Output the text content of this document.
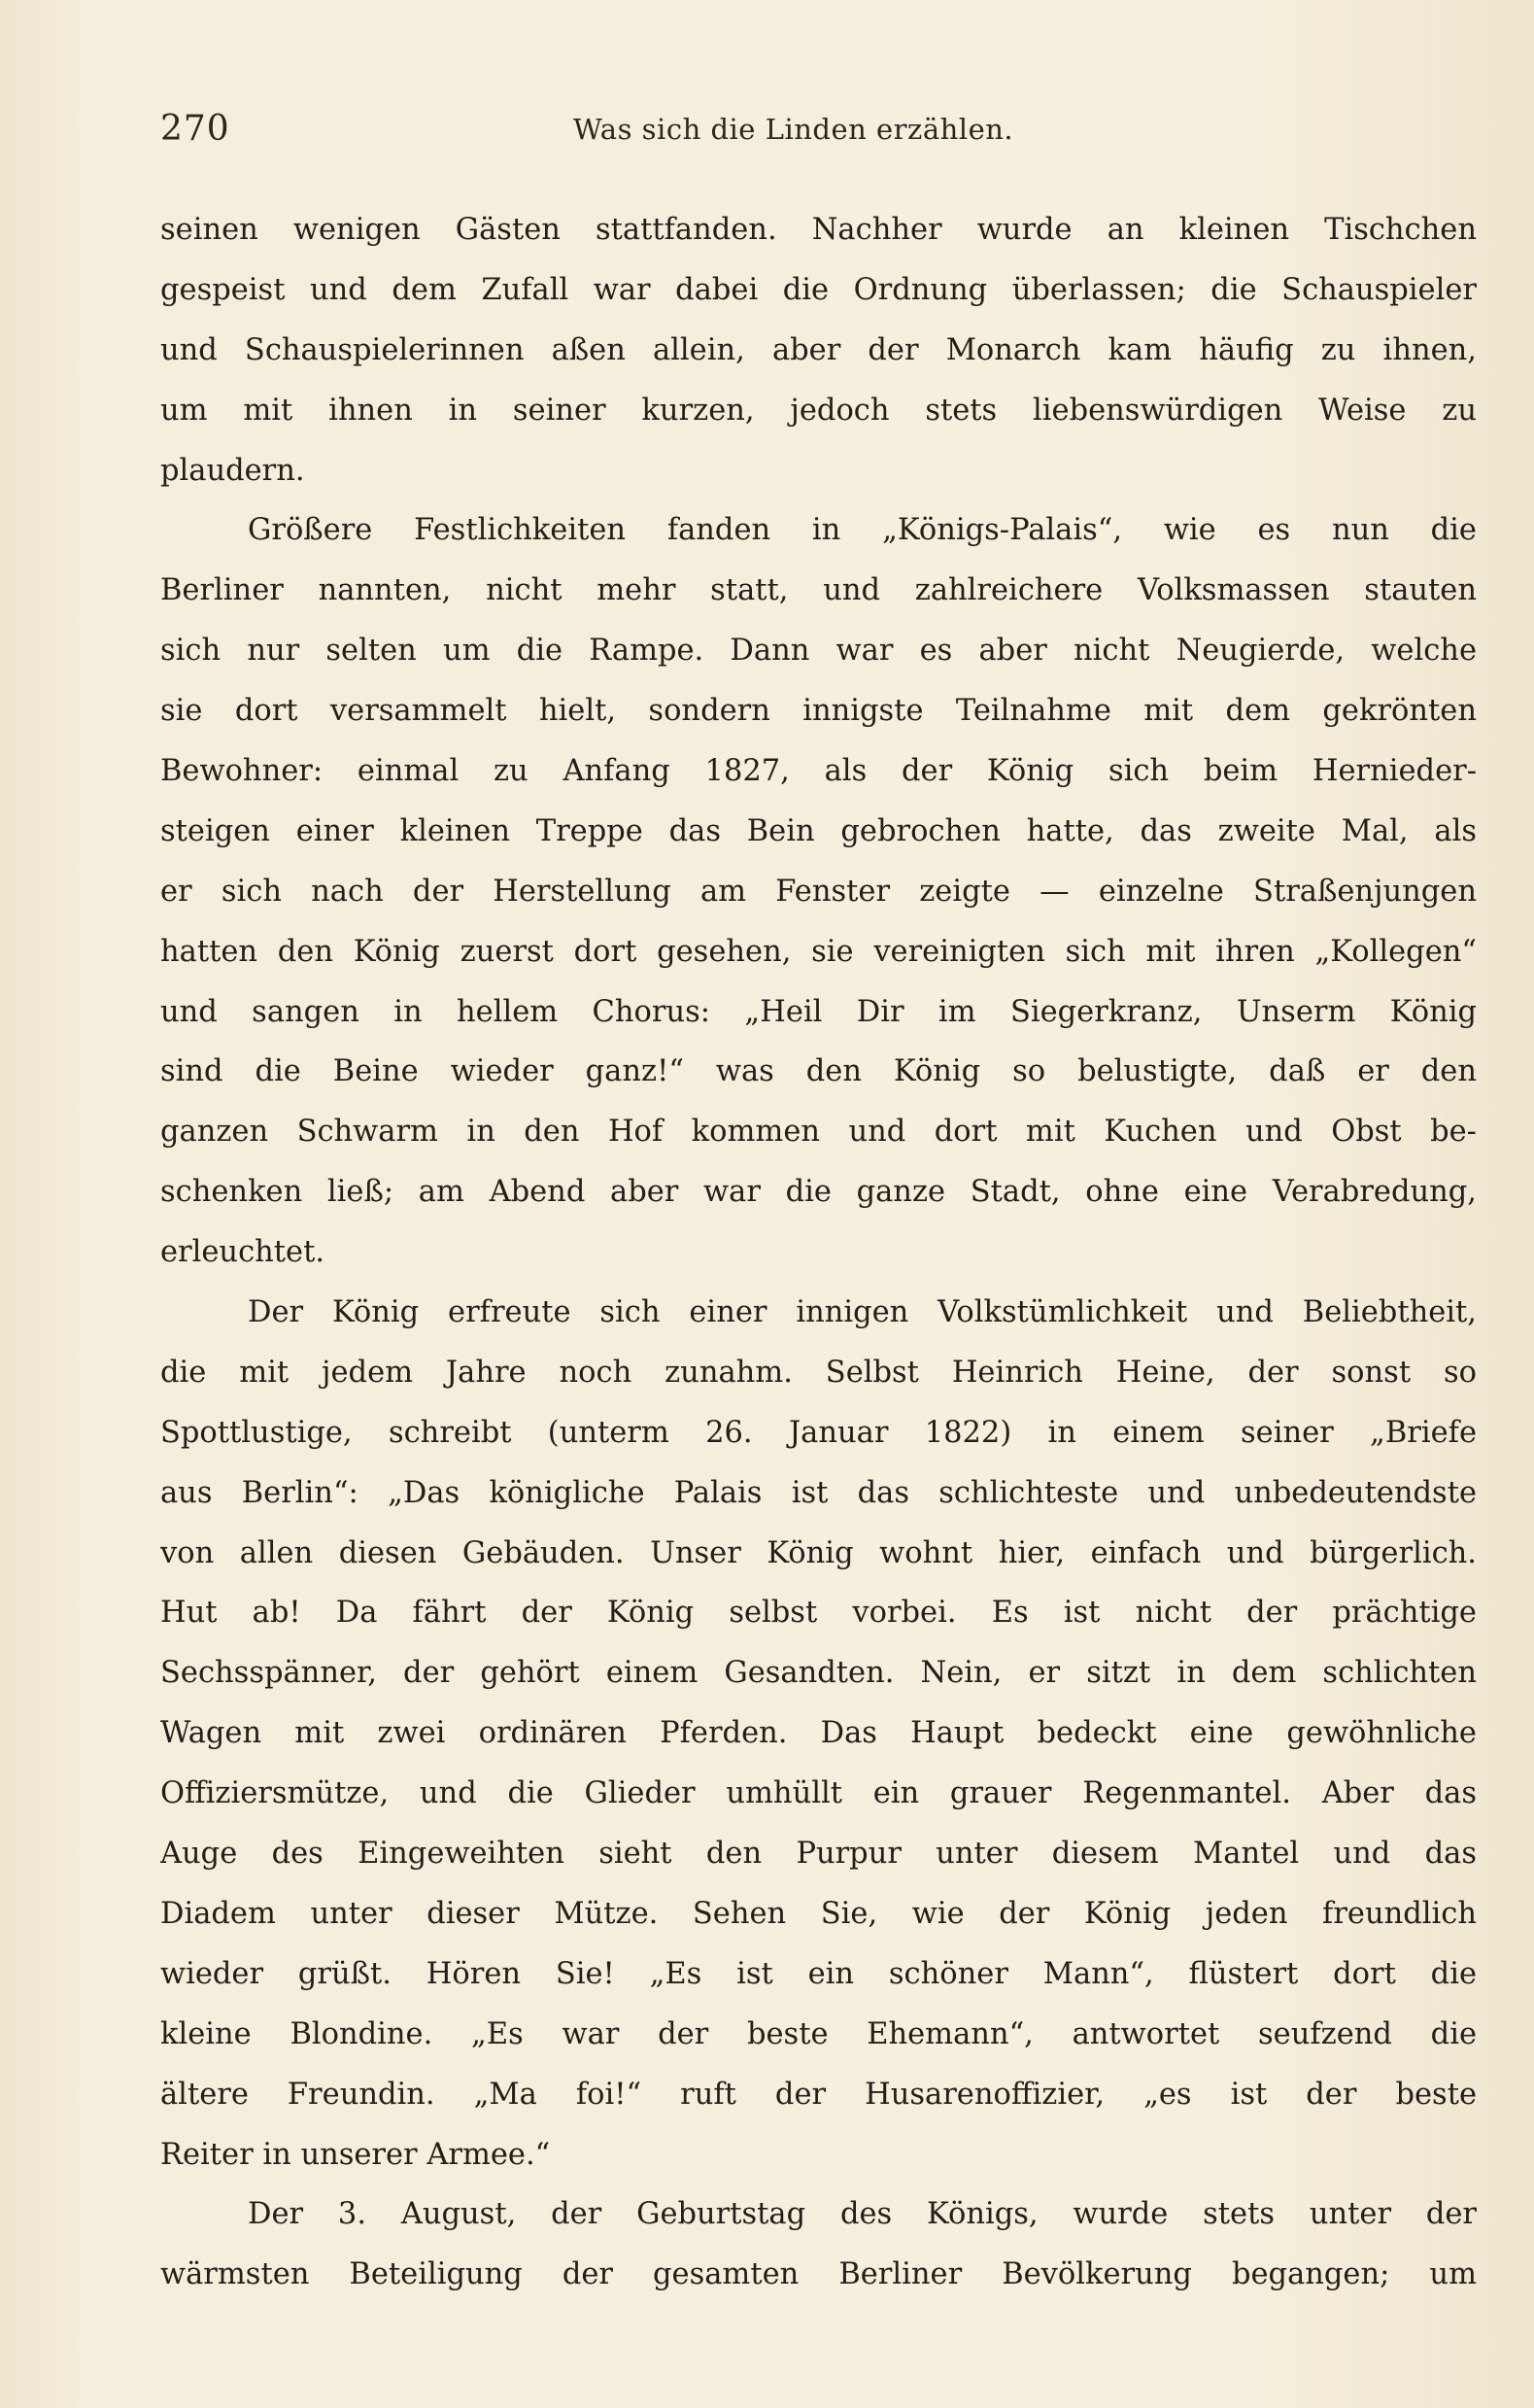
270	Was sich die Linden erzählen.
seinen wenigen Gästen stattfanden. Nachher wurde an kleinen Tischchen
gespeist und dem Zufall war dabei die Ordnung überlassen; die Schauspieler
und Schauspielerinnen aßen allein, aber der Monarch kam häufig zu ihnen,
um mit ihnen in seiner kurzen, jedoch stets liebenswürdigen Weise zu
plaudern.
Größere Festlichkeiten fanden in „Königs-Palais“, wie es nun die
Berliner nannten, nicht mehr statt, und zahlreichere Volksmassen stauten
sich nur selten um die Rampe. Dann war es aber nicht Neugierde, welche
sie dort versammelt hielt, sondern innigste Teilnahme mit dem gekrönten
Bewohner: einmal zu Anfang 1827, als der König sich beim Hernieder-
steigen einer kleinen Treppe das Bein gebrochen hatte, das zweite Mal, als
er sich nach der Herstellung am Fenster zeigte — einzelne Straßenjungen
hatten den König zuerst dort gesehen, sie vereinigten sich mit ihren „Kollegen“
und sangen in hellem Chorus: „Heil Dir im Siegerkranz, Unserm König
sind die Beine wieder ganz!“ was den König so belustigte, daß er den
ganzen Schwarm in den Hof kommen und dort mit Kuchen und Obst be-
schenken ließ; am Abend aber war die ganze Stadt, ohne eine Verabredung,
erleuchtet.
Der König erfreute sich einer innigen Volkstümlichkeit und Beliebtheit,
die mit jedem Jahre noch zunahm. Selbst Heinrich Heine, der sonst so
Spottlustige, schreibt (unterm 26. Januar 1822) in einem seiner „Briefe
aus Berlin“: „Das königliche Palais ist das schlichteste und unbedeutendste
von allen diesen Gebäuden. Unser König wohnt hier, einfach und bürgerlich.
Hut ab! Da fährt der König selbst vorbei. Es ist nicht der prächtige
Sechsspänner, der gehört einem Gesandten. Nein, er sitzt in dem schlichten
Wagen mit zwei ordinären Pferden. Das Haupt bedeckt eine gewöhnliche
Offiziersmütze, und die Glieder umhüllt ein grauer Regenmantel. Aber das
Auge des Eingeweihten sieht den Purpur unter diesem Mantel und das
Diadem unter dieser Mütze. Sehen Sie, wie der König jeden freundlich
wieder grüßt. Hören Sie! „Es ist ein schöner Mann“, flüstert dort die
kleine Blondine. „Es war der beste Ehemann“, antwortet seufzend die
ältere Freundin. „Ma foi!“ ruft der Husarenoffizier, „es ist der beste
Reiter in unserer Armee.“
Der 3. August, der Geburtstag des Königs, wurde stets unter der
wärmsten Beteiligung der gesamten Berliner Bevölkerung begangen; um
